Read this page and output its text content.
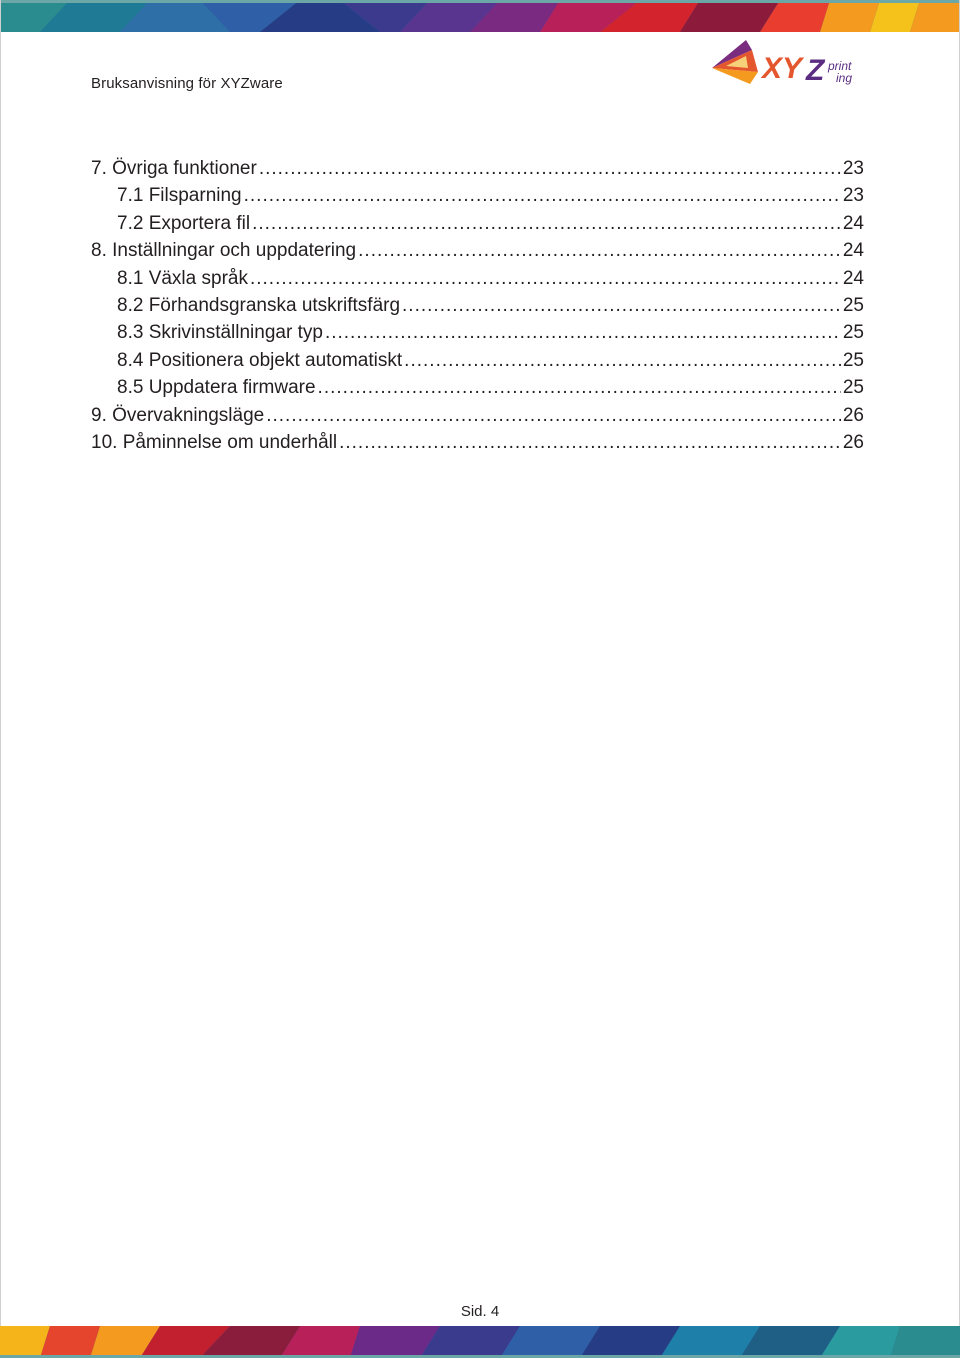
Bruksanvisning för XYZware	XY Z print
ing
7. Övriga funktioner .....	23
7.1 Filsparning .....	23
7.2 Exportera fil .....	24
8. Inställningar och uppdatering .....	24
8.1 Växla språk .....	24
8.2 Förhandsgranska utskriftsfärg .....	25
8.3 Skrivinställningar typ .....	25
8.4 Positionera objekt automatiskt .....	25
8.5 Uppdatera firmware .....	25
9. Övervakningsläge .....	26
10. Påminnelse om underhåll .....	26
Sid. 4
